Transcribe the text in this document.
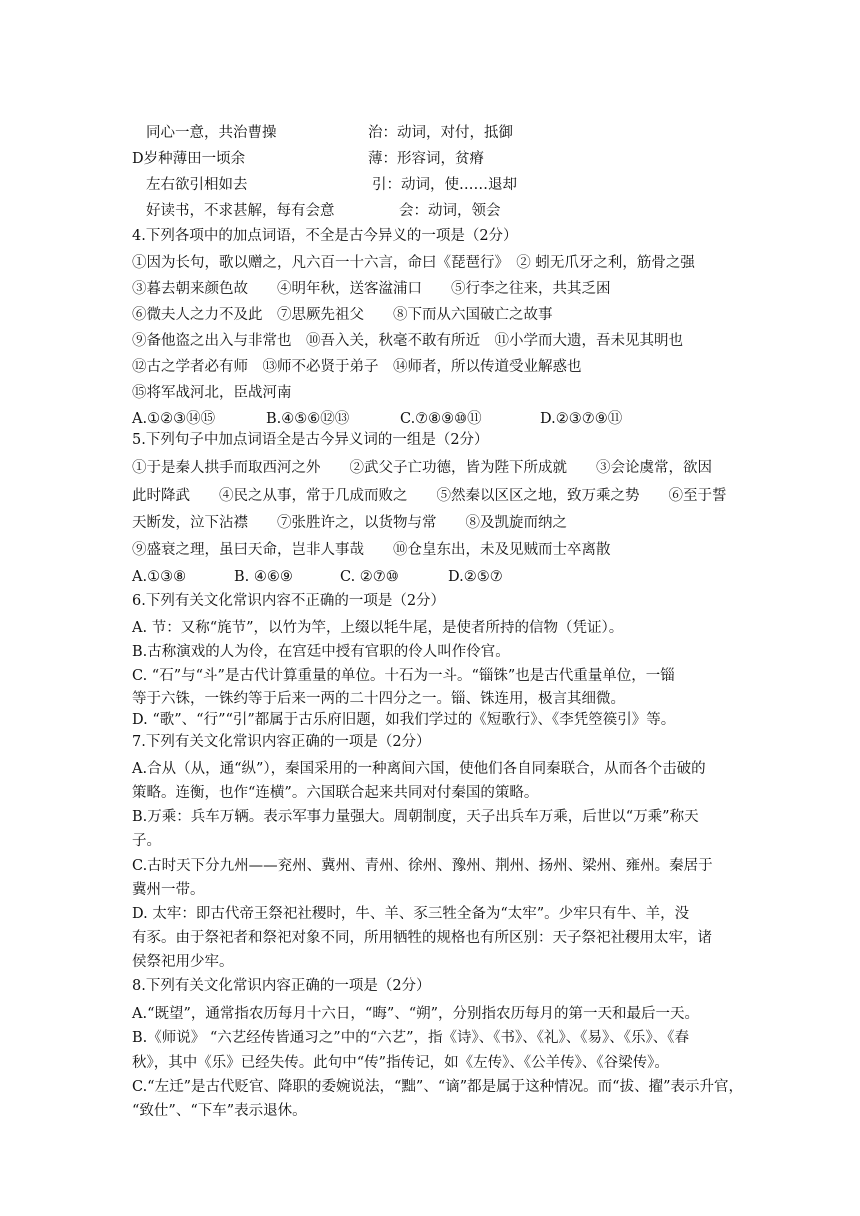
同心一意，共治曹操	治：动词，对付，抵御
D岁种薄田一顷余	薄：形容词，贫瘠
左右欲引相如去	引：动词，使……退却
好读书，不求甚解，每有会意	会：动词，领会
4.下列各项中的加点词语，不全是古今异义的一项是（2分）
①因为长句，歌以赠之，凡六百一十六言，命曰《琵琶行》　② 蚓无爪牙之利，筋骨之强
③暮去朝来颜色故　　④明年秋，送客湓浦口　　⑤行李之往来，共其乏困
⑥微夫人之力不及此　⑦思厥先祖父　　⑧下而从六国破亡之故事
⑨备他盗之出入与非常也　⑩吾入关，秋毫不敢有所近　⑪小学而大遗，吾未见其明也
⑫古之学者必有师　⑬师不必贤于弟子　⑭师者，所以传道受业解惑也
⑮将军战河北，臣战河南
A.①②③⑭⑮	B.④⑤⑥⑫⑬	C.⑦⑧⑨⑩⑪	D.②③⑦⑨⑪
5.下列句子中加点词语全是古今异义词的一组是（2分）
①于是秦人拱手而取西河之外　　②武父子亡功德，皆为陛下所成就　　③会论虞常，欲因
此时降武　　④民之从事，常于几成而败之　　⑤然秦以区区之地，致万乘之势　　⑥至于誓
天断发，泣下沾襟　　⑦张胜许之，以货物与常　　⑧及凯旋而纳之
⑨盛衰之理，虽曰天命，岂非人事哉　　⑩仓皇东出，未及见贼而士卒离散
A.①③⑧	B. ④⑥⑨	C. ②⑦⑩	D.②⑤⑦
6.下列有关文化常识内容不正确的一项是（2分）
A. 节：又称“旄节”，以竹为竿，上缀以牦牛尾，是使者所持的信物（凭证）。
B.古称演戏的人为伶，在宫廷中授有官职的伶人叫作伶官。
C. “石”与“斗”是古代计算重量的单位。十石为一斗。“锱铢”也是古代重量单位，一锱
等于六铢，一铢约等于后来一两的二十四分之一。锱、铢连用，极言其细微。
D. “歌”、“行”“引”都属于古乐府旧题，如我们学过的《短歌行》、《李凭箜篌引》等。
7.下列有关文化常识内容正确的一项是（2分）
A.合从（从，通“纵”），秦国采用的一种离间六国，使他们各自同秦联合，从而各个击破的
策略。连衡，也作“连横”。六国联合起来共同对付秦国的策略。
B.万乘：兵车万辆。表示军事力量强大。周朝制度，天子出兵车万乘，后世以“万乘”称天
子。
C.古时天下分九州——兖州、冀州、青州、徐州、豫州、荆州、扬州、梁州、雍州。秦居于
冀州一带。
D. 太牢：即古代帝王祭祀社稷时，牛、羊、豕三牲全备为“太牢”。少牢只有牛、羊，没
有豕。由于祭祀者和祭祀对象不同，所用牺牲的规格也有所区别：天子祭祀社稷用太牢，诸
侯祭祀用少牢。
8.下列有关文化常识内容正确的一项是（2分）
A.“既望”，通常指农历每月十六日，“晦”、“朔”，分别指农历每月的第一天和最后一天。
B.《师说》 “六艺经传皆通习之”中的“六艺”，指《诗》、《书》、《礼》、《易》、《乐》、《春
秋》，其中《乐》已经失传。此句中“传”指传记，如《左传》、《公羊传》、《谷梁传》。
C.“左迁”是古代贬官、降职的委婉说法，“黜”、“谪”都是属于这种情况。而“拔、擢”表示升官，
“致仕”、“下车”表示退休。
